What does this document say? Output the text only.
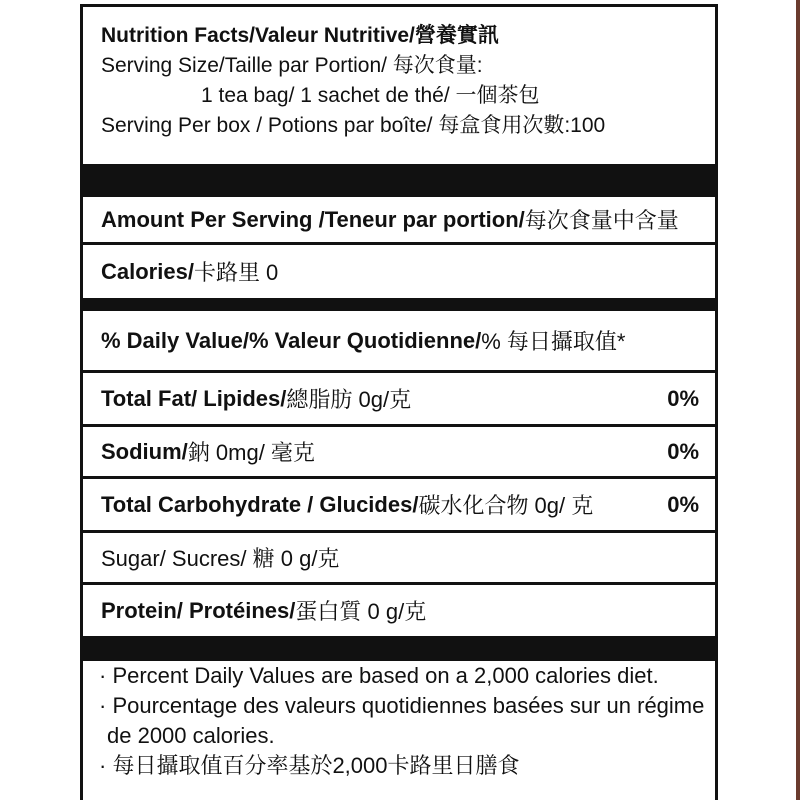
Nutrition Facts/Valeur Nutritive/營養實訊
Serving Size/Taille par Portion/ 每次食量:
1 tea bag/ 1 sachet de thé/ 一個茶包
Serving Per box / Potions par boîte/ 每盒食用次數:100
Amount Per Serving /Teneur par portion/ 每次食量中含量
Calories/ 卡路里 0
% Daily Value/% Valeur Quotidienne/ % 每日攝取值*
Total Fat/ Lipides/ 總脂肪 0g/克	0%
Sodium/ 鈉 0mg/ 毫克	0%
Total Carbohydrate / Glucides/ 碳水化合物 0g/ 克	0%
Sugar/ Sucres/ 糖 0 g/克
Protein/ Protéines/ 蛋白質 0 g/克
· Percent Daily Values are based on a 2,000 calories diet.
· Pourcentage des valeurs quotidiennes basées sur un régime
de 2000 calories.
· 每日攝取值百分率基於2,000卡路里日膳食
